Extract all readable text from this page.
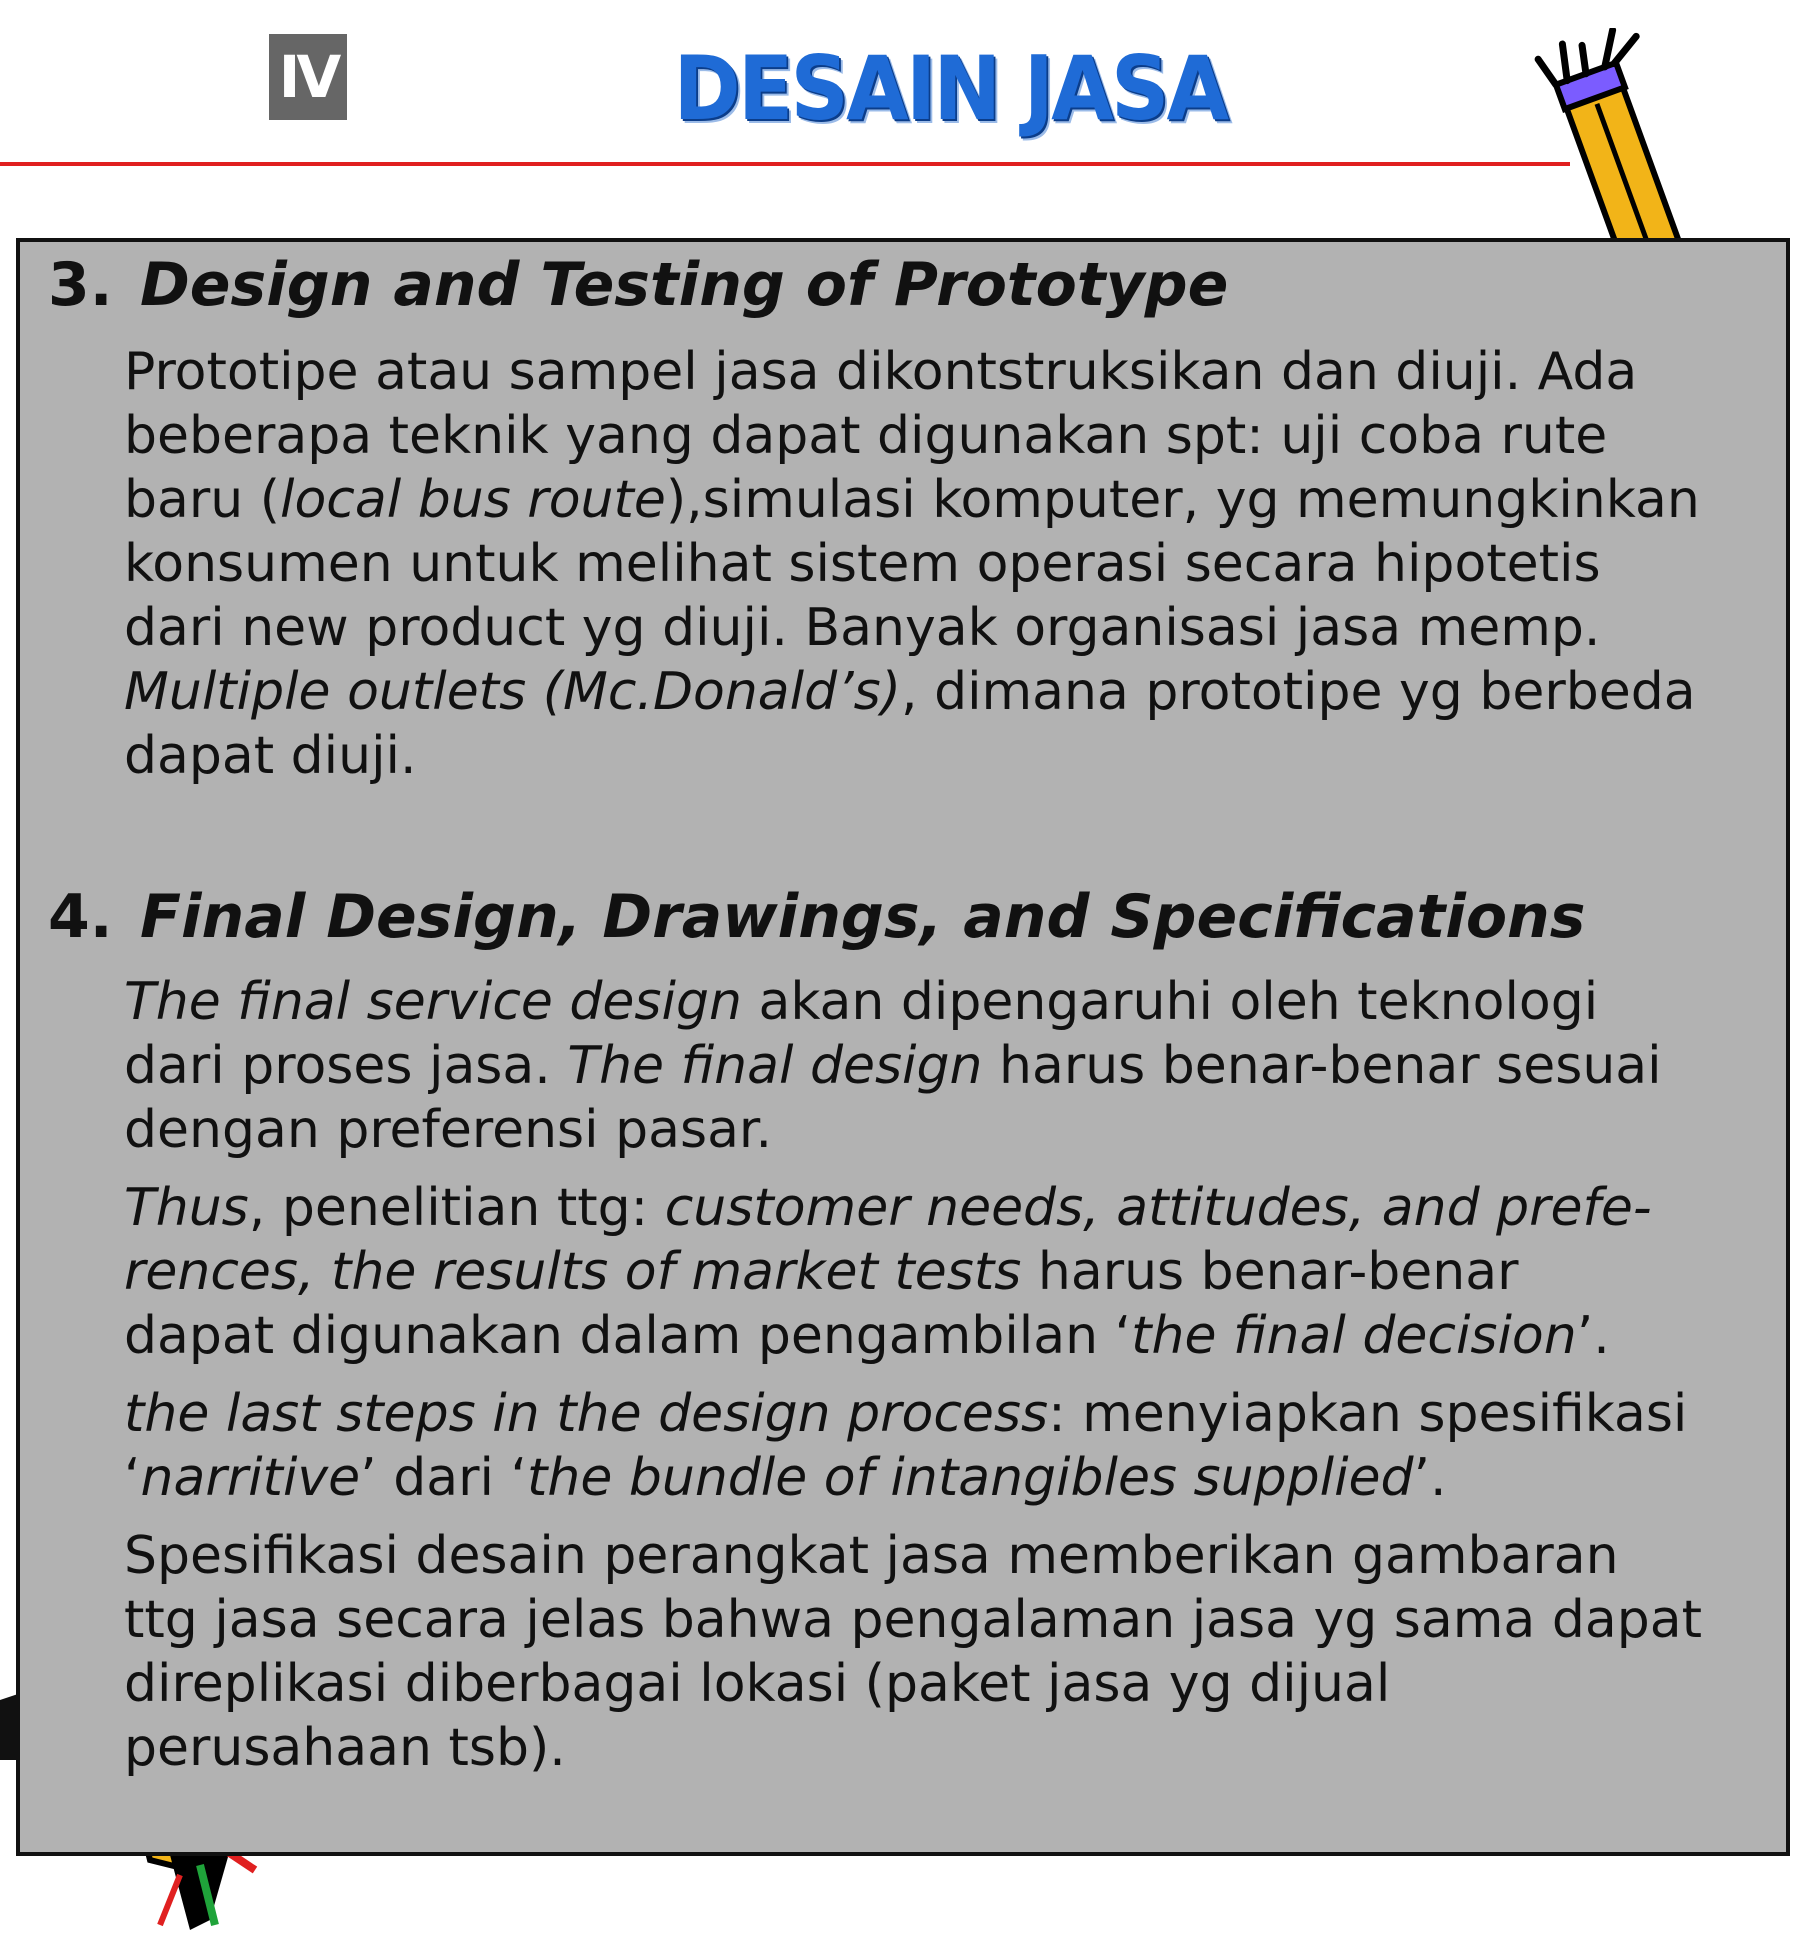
IV	DESAIN JASA
3. Design and Testing of Prototype
Prototipe atau sampel jasa dikontstruksikan dan diuji. Ada
beberapa teknik yang dapat digunakan spt: uji coba rute
baru (local bus route),simulasi komputer, yg memungkinkan
konsumen untuk melihat sistem operasi secara hipotetis
dari new product yg diuji. Banyak organisasi jasa memp.
Multiple outlets (Mc.Donald’s), dimana prototipe yg berbeda
dapat diuji.
4. Final Design, Drawings, and Specifications
The final service design akan dipengaruhi oleh teknologi
dari proses jasa. The final design harus benar-benar sesuai
dengan preferensi pasar.
Thus, penelitian ttg: customer needs, attitudes, and prefe-
rences, the results of market tests harus benar-benar
dapat digunakan dalam pengambilan ‘the final decision’.
the last steps in the design process: menyiapkan spesifikasi
‘narritive’ dari ‘the bundle of intangibles supplied’.
Spesifikasi desain perangkat jasa memberikan gambaran
ttg jasa secara jelas bahwa pengalaman jasa yg sama dapat
direplikasi diberbagai lokasi (paket jasa yg dijual
perusahaan tsb).
